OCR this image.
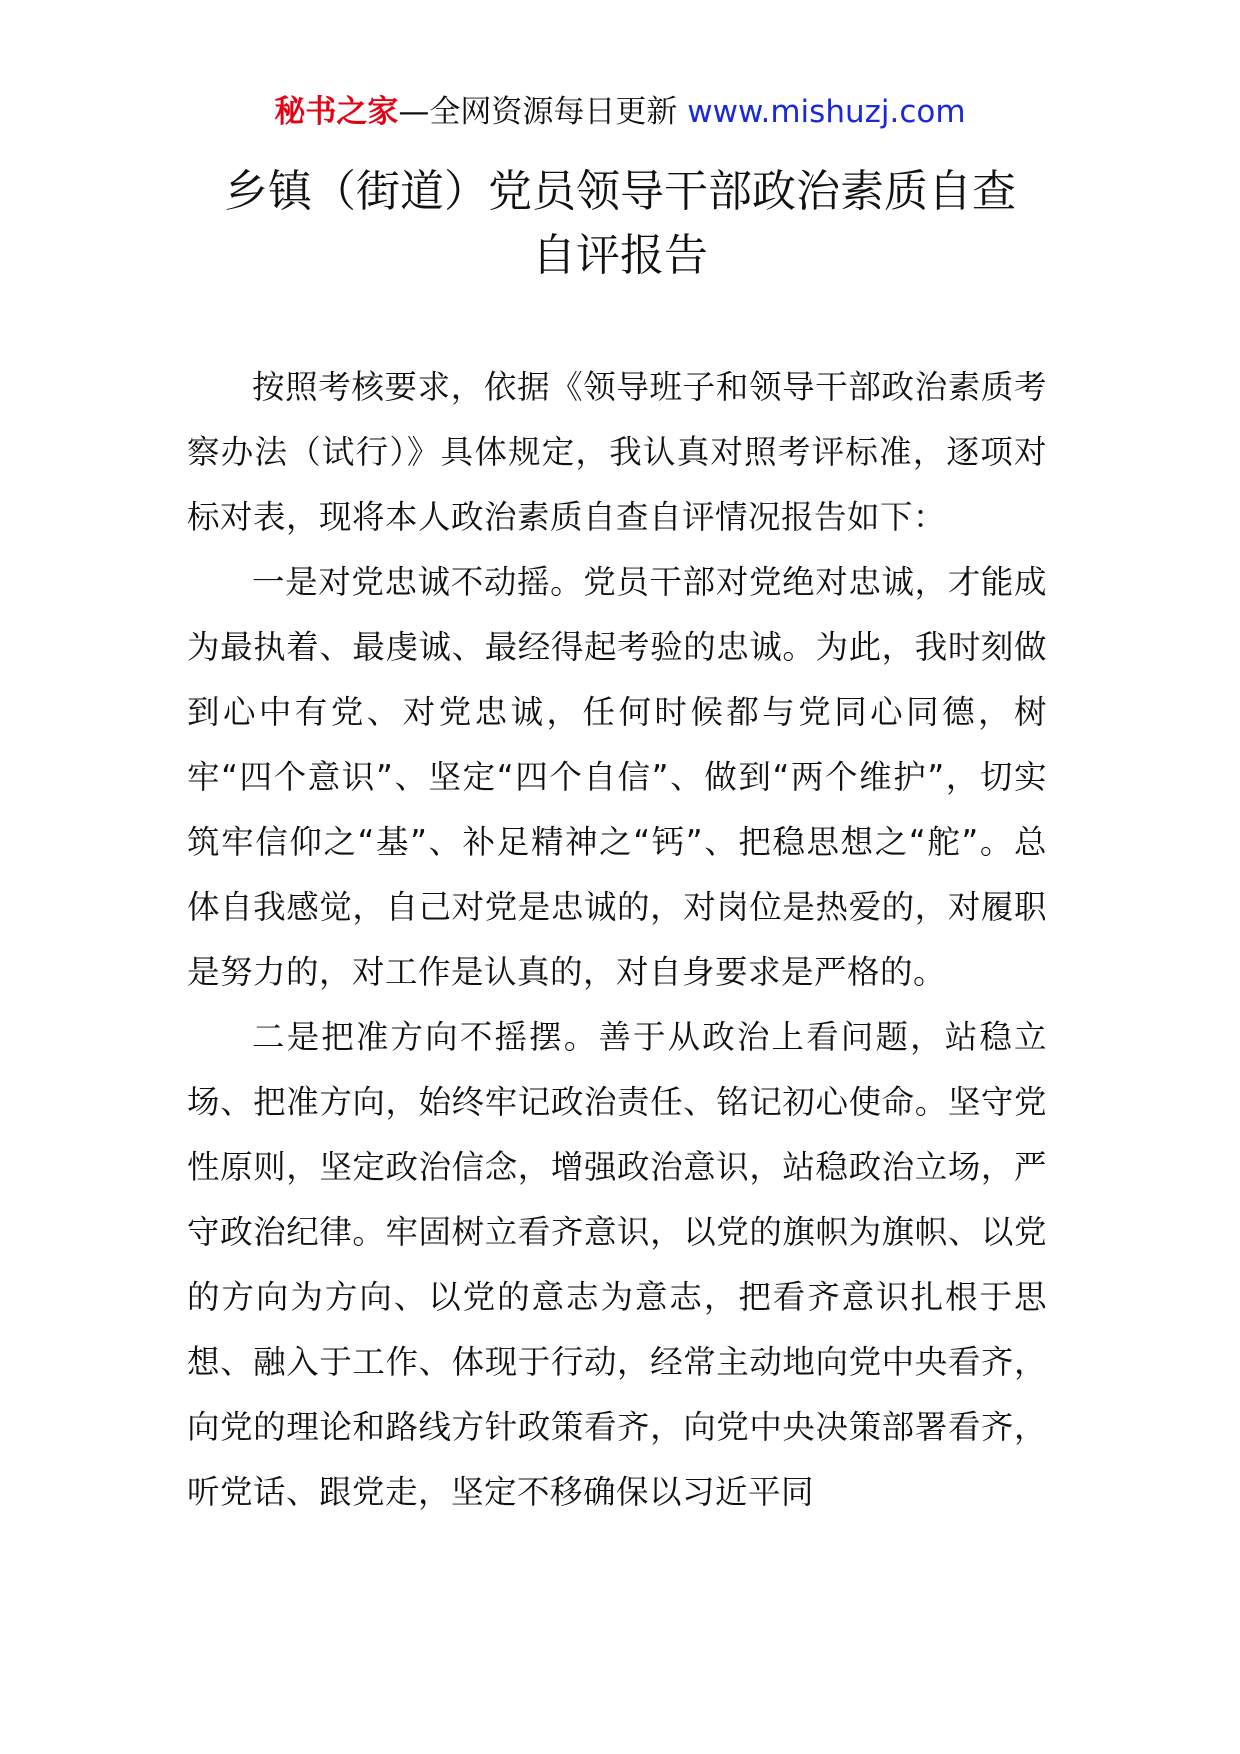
秘书之家—全网资源每日更新 www.mishuzj.com
乡镇（街道）党员领导干部政治素质自查
自评报告

按照考核要求，依据《领导班子和领导干部政治素质考察办法（试行）》具体规定，我认真对照考评标准，逐项对标对表，现将本人政治素质自查自评情况报告如下：

一是对党忠诚不动摇。党员干部对党绝对忠诚，才能成为最执着、最虔诚、最经得起考验的忠诚。为此，我时刻做到心中有党、对党忠诚，任何时候都与党同心同德，树牢“四个意识”、坚定“四个自信”、做到“两个维护”，切实筑牢信仰之“基”、补足精神之“钙”、把稳思想之“舵”。总体自我感觉，自己对党是忠诚的，对岗位是热爱的，对履职是努力的，对工作是认真的，对自身要求是严格的。

二是把准方向不摇摆。善于从政治上看问题，站稳立场、把准方向，始终牢记政治责任、铭记初心使命。坚守党性原则，坚定政治信念，增强政治意识，站稳政治立场，严守政治纪律。牢固树立看齐意识，以党的旗帜为旗帜、以党的方向为方向、以党的意志为意志，把看齐意识扎根于思想、融入于工作、体现于行动，经常主动地向党中央看齐，向党的理论和路线方针政策看齐，向党中央决策部署看齐，听党话、跟党走，坚定不移确保以习近平同
